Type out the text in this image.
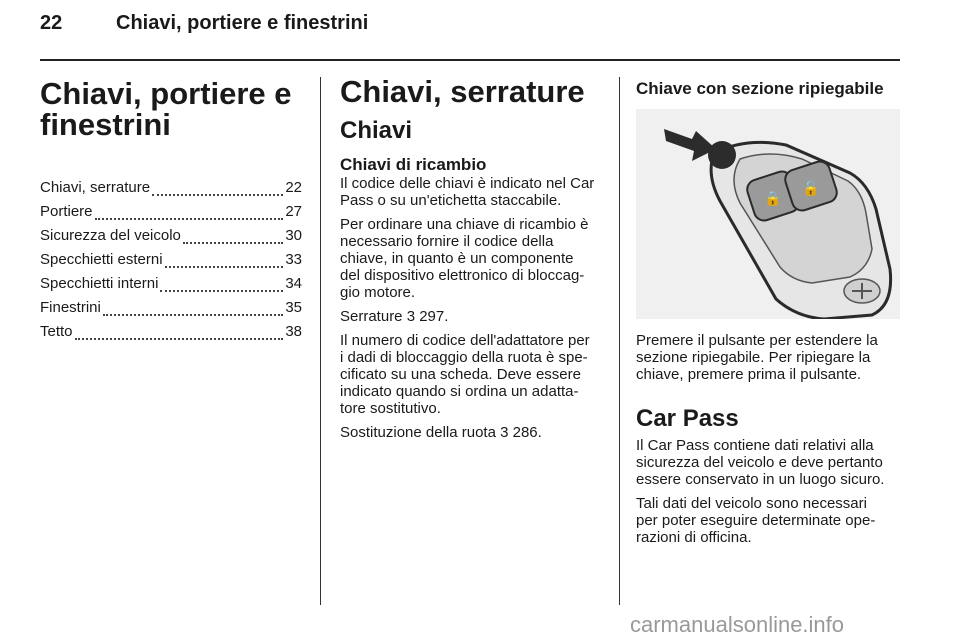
22	Chiavi, portiere e finestrini
Chiavi, portiere e
finestrini
Chiavi, serrature	22
Portiere	27
Sicurezza del veicolo	30
Specchietti esterni	33
Specchietti interni	34
Finestrini	35
Tetto	38
Chiavi, serrature
Chiavi
Chiavi di ricambio

Il codice delle chiavi è indicato nel Car
Pass o su un'etichetta staccabile.

Per ordinare una chiave di ricambio è
necessario fornire il codice della
chiave, in quanto è un componente
del dispositivo elettronico di bloccag-
gio motore.

Serrature 3 297.

Il numero di codice dell'adattatore per
i dadi di bloccaggio della ruota è spe-
cificato su una scheda. Deve essere
indicato quando si ordina un adatta-
tore sostitutivo.

Sostituzione della ruota 3 286.

Chiave con sezione ripiegabile
🔒
🔓
Premere il pulsante per estendere la
sezione ripiegabile. Per ripiegare la
chiave, premere prima il pulsante.
Car Pass

Il Car Pass contiene dati relativi alla
sicurezza del veicolo e deve pertanto
essere conservato in un luogo sicuro.

Tali dati del veicolo sono necessari
per poter eseguire determinate ope-
razioni di officina.

carmanualsonline.info
